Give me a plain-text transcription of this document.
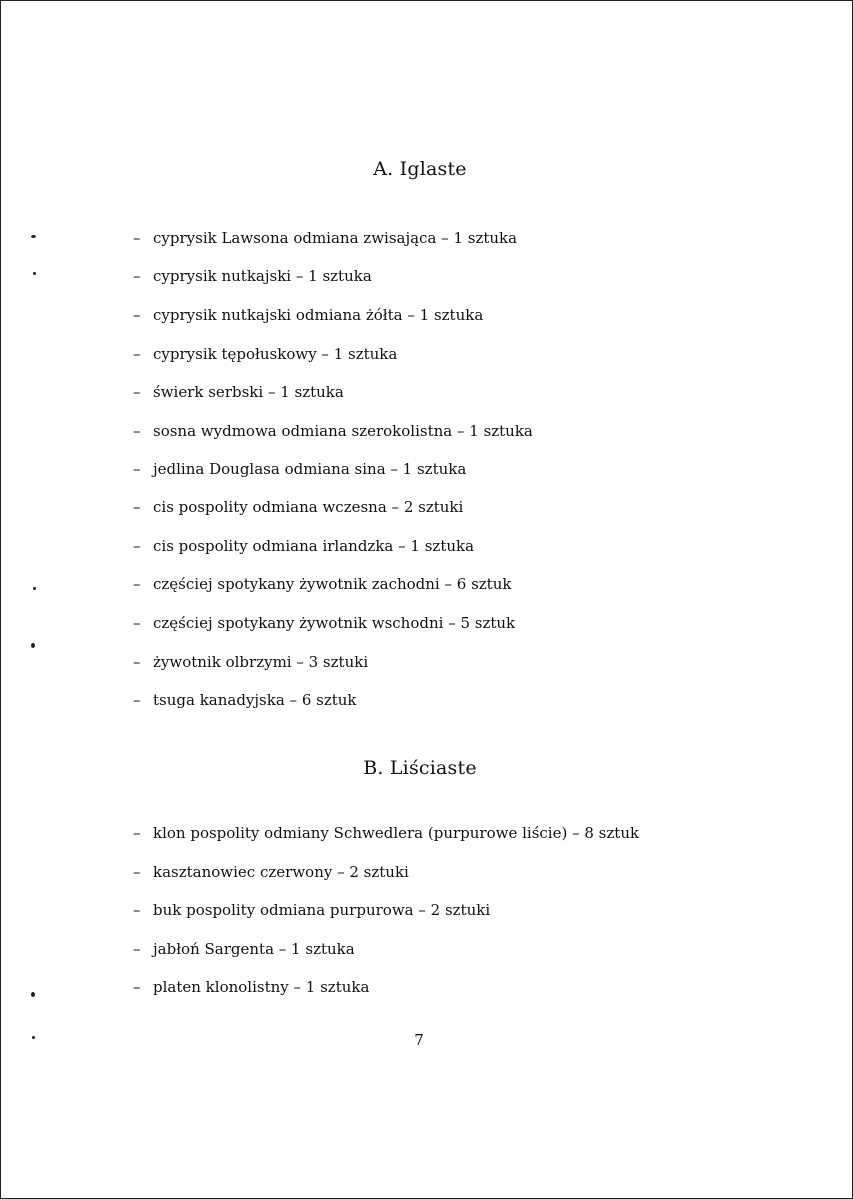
A. Iglaste
– cyprysik Lawsona odmiana zwisająca – 1 sztuka
– cyprysik nutkajski – 1 sztuka
– cyprysik nutkajski odmiana żółta – 1 sztuka
– cyprysik tępołuskowy – 1 sztuka
– świerk serbski – 1 sztuka
– sosna wydmowa odmiana szerokolistna – 1 sztuka
– jedlina Douglasa odmiana sina – 1 sztuka
– cis pospolity odmiana wczesna – 2 sztuki
– cis pospolity odmiana irlandzka – 1 sztuka
– częściej spotykany żywotnik zachodni – 6 sztuk
– częściej spotykany żywotnik wschodni – 5 sztuk
– żywotnik olbrzymi – 3 sztuki
– tsuga kanadyjska – 6 sztuk
B. Liściaste
– klon pospolity odmiany Schwedlera (purpurowe liście) – 8 sztuk
– kasztanowiec czerwony – 2 sztuki
– buk pospolity odmiana purpurowa – 2 sztuki
– jabłoń Sargenta – 1 sztuka
– platen klonolistny – 1 sztuka
7
